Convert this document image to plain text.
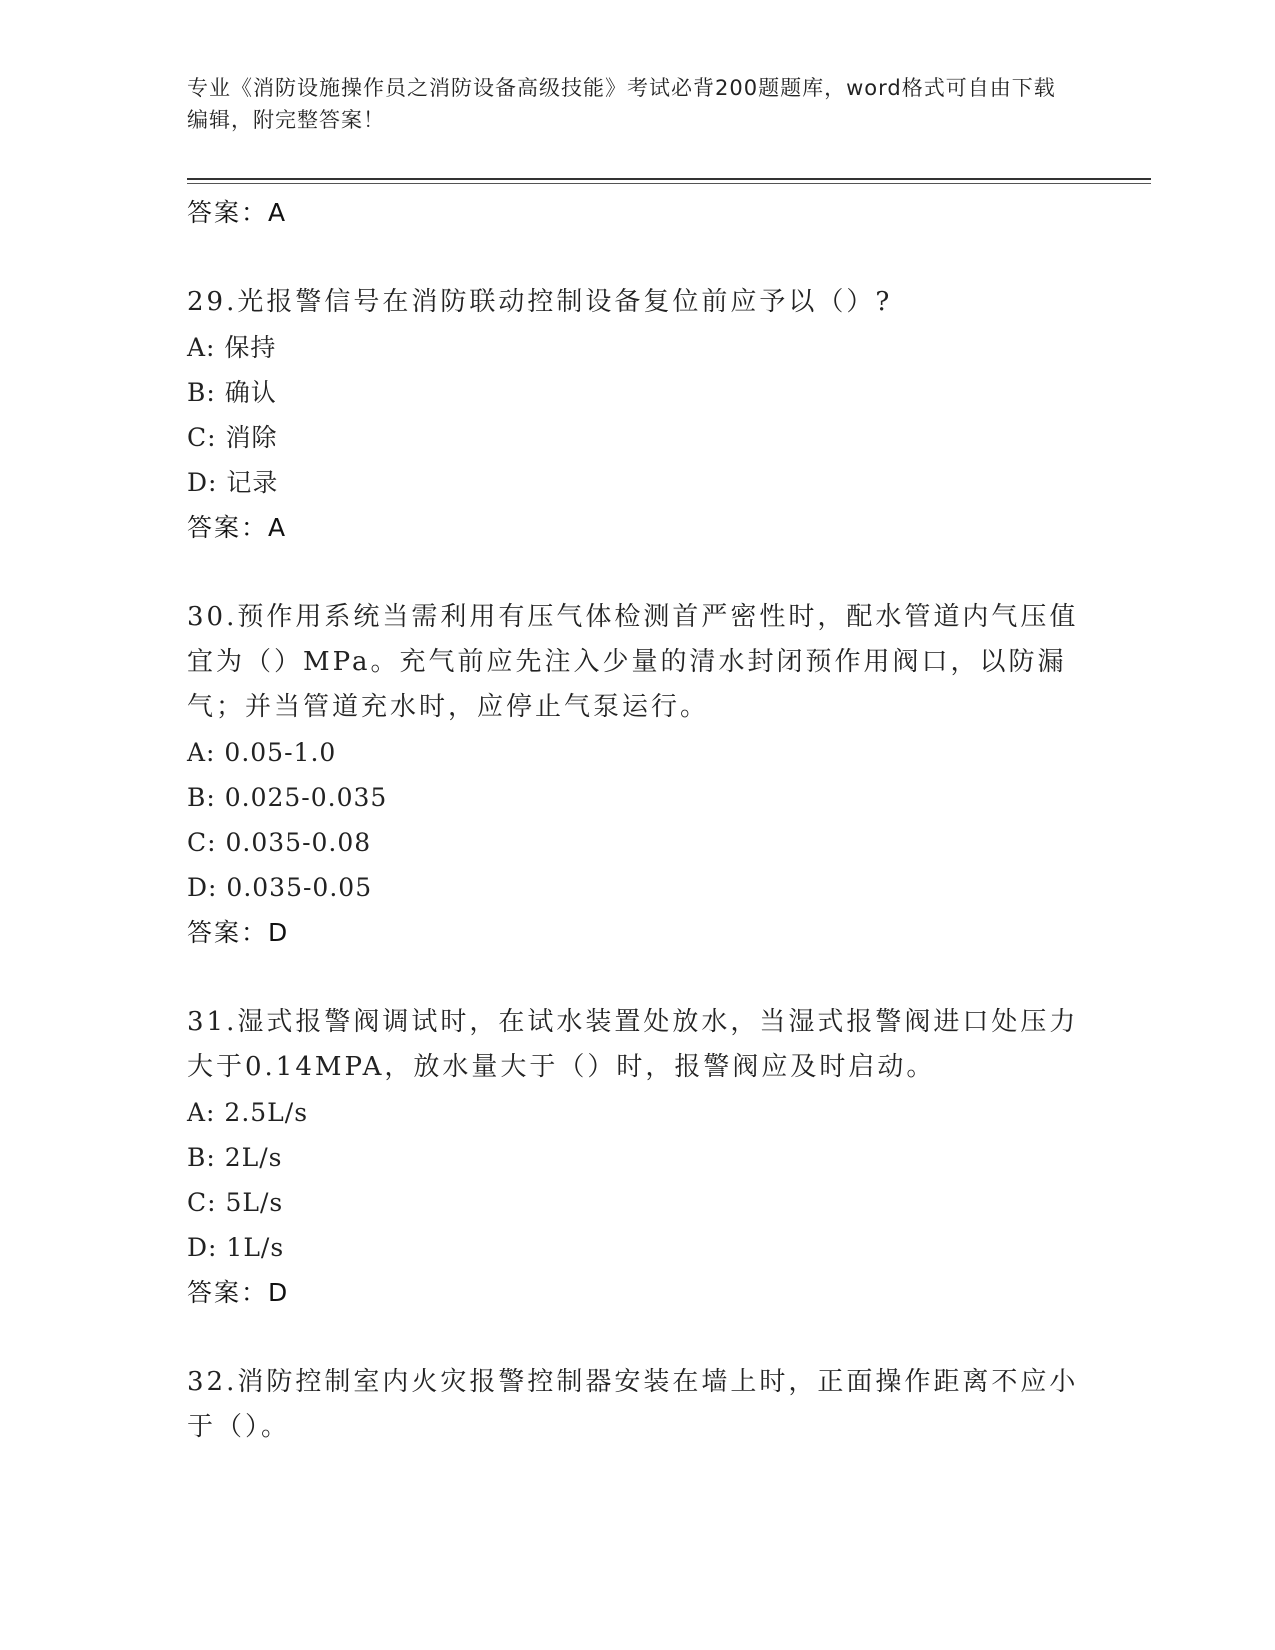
专业《消防设施操作员之消防设备高级技能》考试必背200题题库，word格式可自由下载编辑，附完整答案！

答案：A

29.光报警信号在消防联动控制设备复位前应予以（）?

A: 保持

B: 确认

C: 消除

D: 记录

答案：A

30.预作用系统当需利用有压气体检测首严密性时，配水管道内气压值宜为（）MPa。充气前应先注入少量的清水封闭预作用阀口，以防漏气；并当管道充水时，应停止气泵运行。

A: 0.05-1.0

B: 0.025-0.035

C: 0.035-0.08

D: 0.035-0.05

答案：D

31.湿式报警阀调试时，在试水装置处放水，当湿式报警阀进口处压力大于0.14MPA，放水量大于（）时，报警阀应及时启动。

A: 2.5L/s

B: 2L/s

C: 5L/s

D: 1L/s

答案：D

32.消防控制室内火灾报警控制器安装在墙上时，正面操作距离不应小于（）。
